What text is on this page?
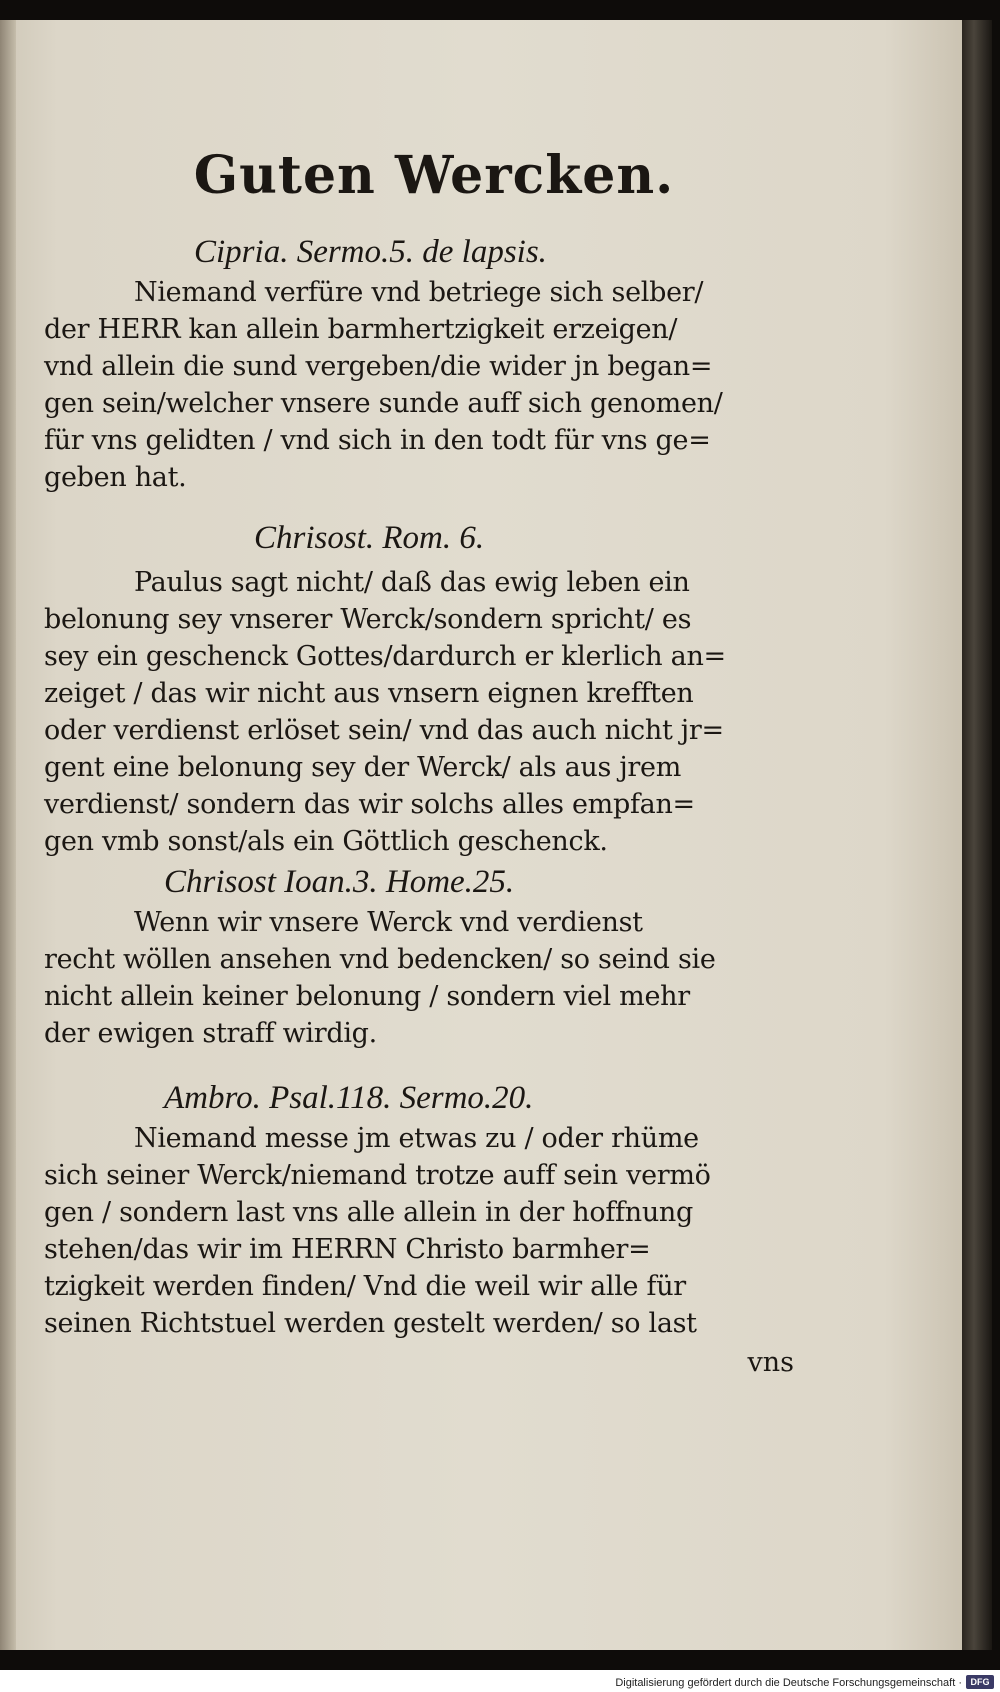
Guten Wercken.

Cipria. Sermo.5. de lapsis.

Niemand verfüre vnd betriege sich selber/

der HERR kan allein barmhertzigkeit erzeigen/

vnd allein die sund vergeben/die wider jn began=

gen sein/welcher vnsere sunde auff sich genomen/

für vns gelidten / vnd sich in den todt für vns ge=

geben hat.

Chrisost. Rom. 6.

Paulus sagt nicht/ daß das ewig leben ein

belonung sey vnserer Werck/sondern spricht/ es

sey ein geschenck Gottes/dardurch er klerlich an=

zeiget / das wir nicht aus vnsern eignen krefften

oder verdienst erlöset sein/ vnd das auch nicht jr=

gent eine belonung sey der Werck/ als aus jrem

verdienst/ sondern das wir solchs alles empfan=

gen vmb sonst/als ein Göttlich geschenck.

Chrisost Ioan.3. Home.25.

Wenn wir vnsere Werck vnd verdienst

recht wöllen ansehen vnd bedencken/ so seind sie

nicht allein keiner belonung / sondern viel mehr

der ewigen straff wirdig.

Ambro. Psal.118. Sermo.20.

Niemand messe jm etwas zu / oder rhüme

sich seiner Werck/niemand trotze auff sein vermö

gen / sondern last vns alle allein in der hoffnung

stehen/das wir im HERRN Christo barmher=

tzigkeit werden finden/ Vnd die weil wir alle für

seinen Richtstuel werden gestelt werden/ so last

vns
Digitalisierung gefördert durch die Deutsche Forschungsgemeinschaft · DFG
